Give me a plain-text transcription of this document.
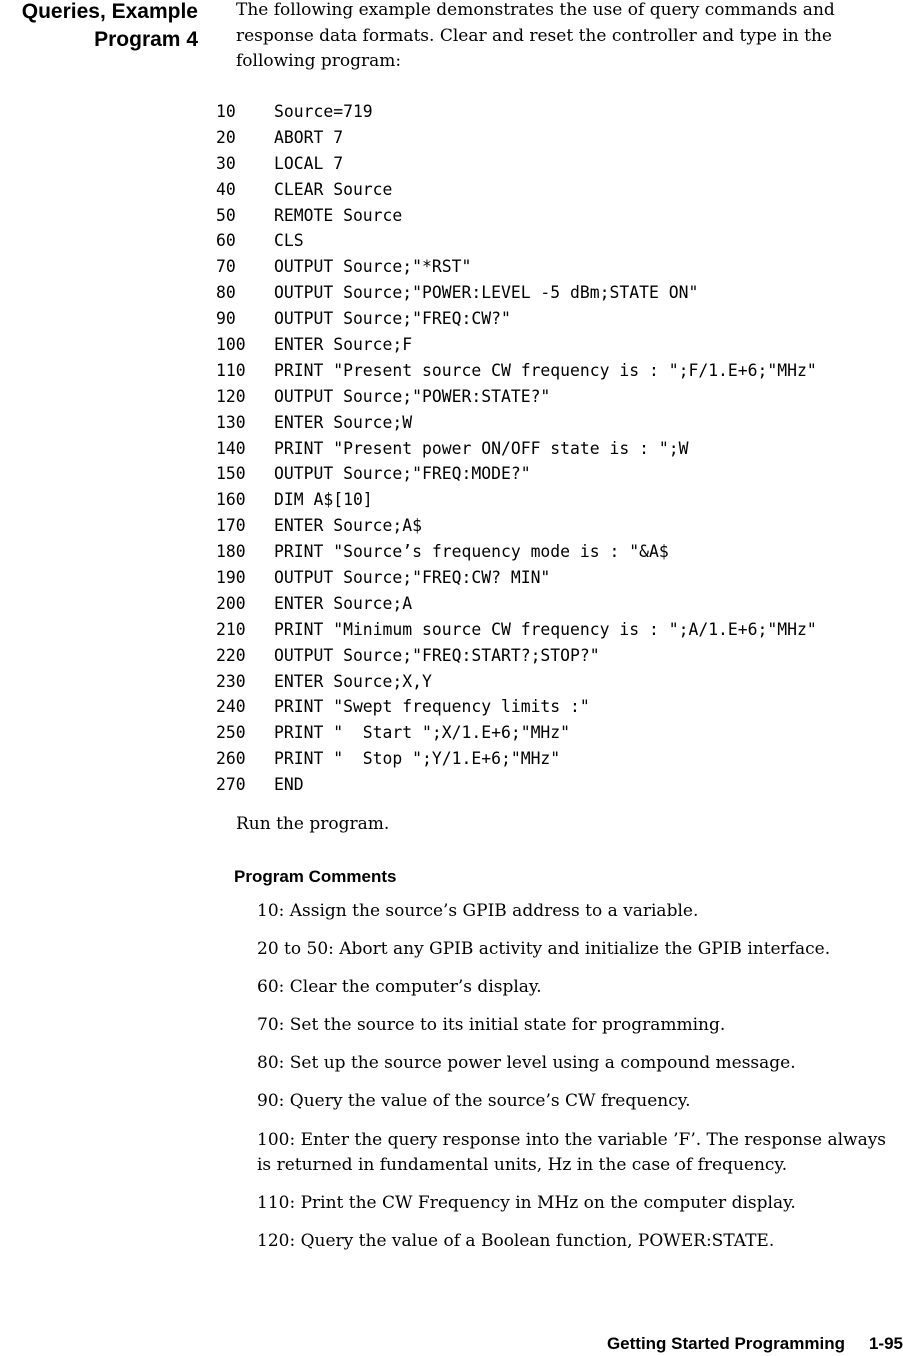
Queries, Example
Program 4

The following example demonstrates the use of query commands and response data formats. Clear and reset the controller and type in the following program:

10	Source=719
20	ABORT 7
30	LOCAL 7
40	CLEAR Source
50	REMOTE Source
60	CLS
70	OUTPUT Source;"*RST"
80	OUTPUT Source;"POWER:LEVEL -5 dBm;STATE ON"
90	OUTPUT Source;"FREQ:CW?"
100	ENTER Source;F
110	PRINT "Present source CW frequency is : ";F/1.E+6;"MHz"
120	OUTPUT Source;"POWER:STATE?"
130	ENTER Source;W
140	PRINT "Present power ON/OFF state is : ";W
150	OUTPUT Source;"FREQ:MODE?"
160	DIM A$[10]
170	ENTER Source;A$
180	PRINT "Source’s frequency mode is : "&A$
190	OUTPUT Source;"FREQ:CW? MIN"
200	ENTER Source;A
210	PRINT "Minimum source CW frequency is : ";A/1.E+6;"MHz"
220	OUTPUT Source;"FREQ:START?;STOP?"
230	ENTER Source;X,Y
240	PRINT "Swept frequency limits :"
250	PRINT "  Start ";X/1.E+6;"MHz"
260	PRINT "  Stop ";Y/1.E+6;"MHz"
270	END

Run the program.

Program Comments
10: Assign the source’s GPIB address to a variable.
20 to 50: Abort any GPIB activity and initialize the GPIB interface.
60: Clear the computer’s display.
70: Set the source to its initial state for programming.
80: Set up the source power level using a compound message.
90: Query the value of the source’s CW frequency.
100: Enter the query response into the variable ’F’. The response always is returned in fundamental units, Hz in the case of frequency.
110: Print the CW Frequency in MHz on the computer display.
120: Query the value of a Boolean function, POWER:STATE.
Getting Started Programming 1-95
